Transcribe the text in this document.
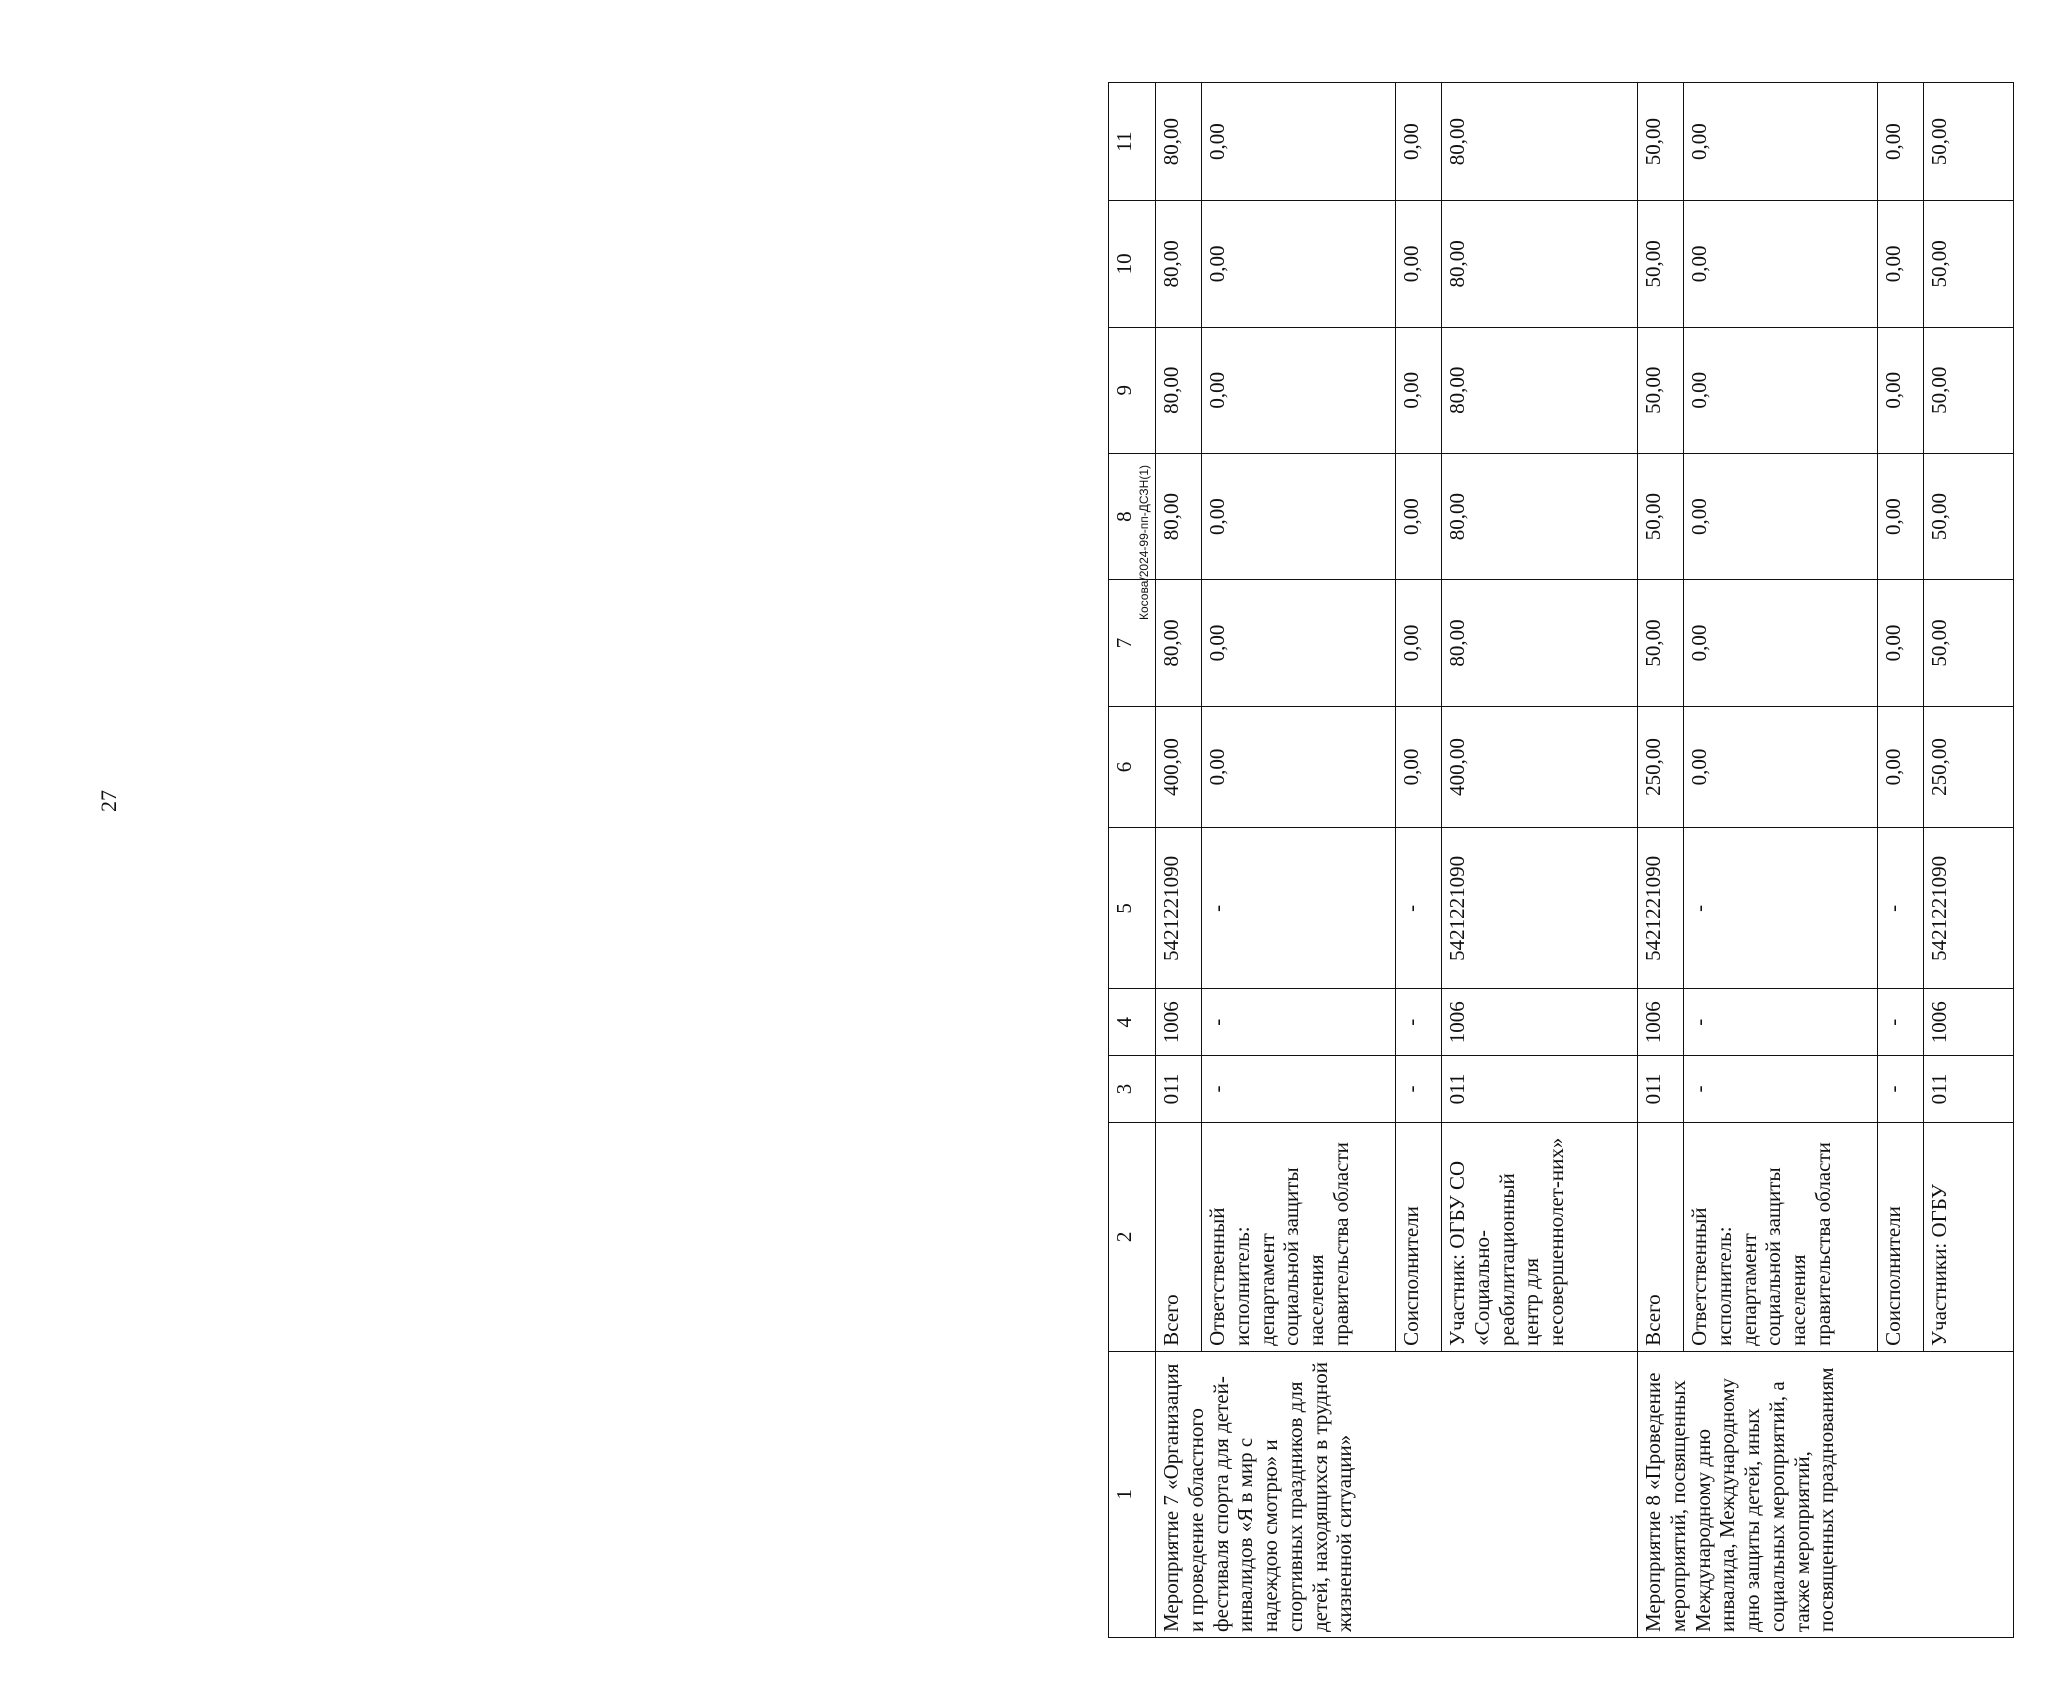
27
Косова/2024-99-пп-ДСЗН(1)
1	2	3	4	5	6	7	8	9	10	11
Мероприятие 7 «Организация и проведение областного фестиваля спорта для детей-инвалидов «Я в мир с надеждою смотрю» и спортивных праздников для детей, находящихся в трудной жизненной ситуации»	Всего	011	1006	5421221090	400,00	80,00	80,00	80,00	80,00	80,00
	Ответственный исполнитель: департамент социальной защиты населения правительства области	-	-	-	0,00	0,00	0,00	0,00	0,00	0,00
	Соисполнители	-	-	-	0,00	0,00	0,00	0,00	0,00	0,00
	Участник: ОГБУ СО «Социально-реабилитационный центр для несовершеннолет-них»	011	1006	5421221090	400,00	80,00	80,00	80,00	80,00	80,00
Мероприятие 8 «Проведение мероприятий, посвященных Международному дню инвалида, Международному дню защиты детей, иных социальных мероприятий, а также мероприятий, посвященных празднованиям	Всего	011	1006	5421221090	250,00	50,00	50,00	50,00	50,00	50,00
	Ответственный исполнитель: департамент социальной защиты населения правительства области	-	-	-	0,00	0,00	0,00	0,00	0,00	0,00
	Соисполнители	-	-	-	0,00	0,00	0,00	0,00	0,00	0,00
	Участники: ОГБУ	011	1006	5421221090	250,00	50,00	50,00	50,00	50,00	50,00
